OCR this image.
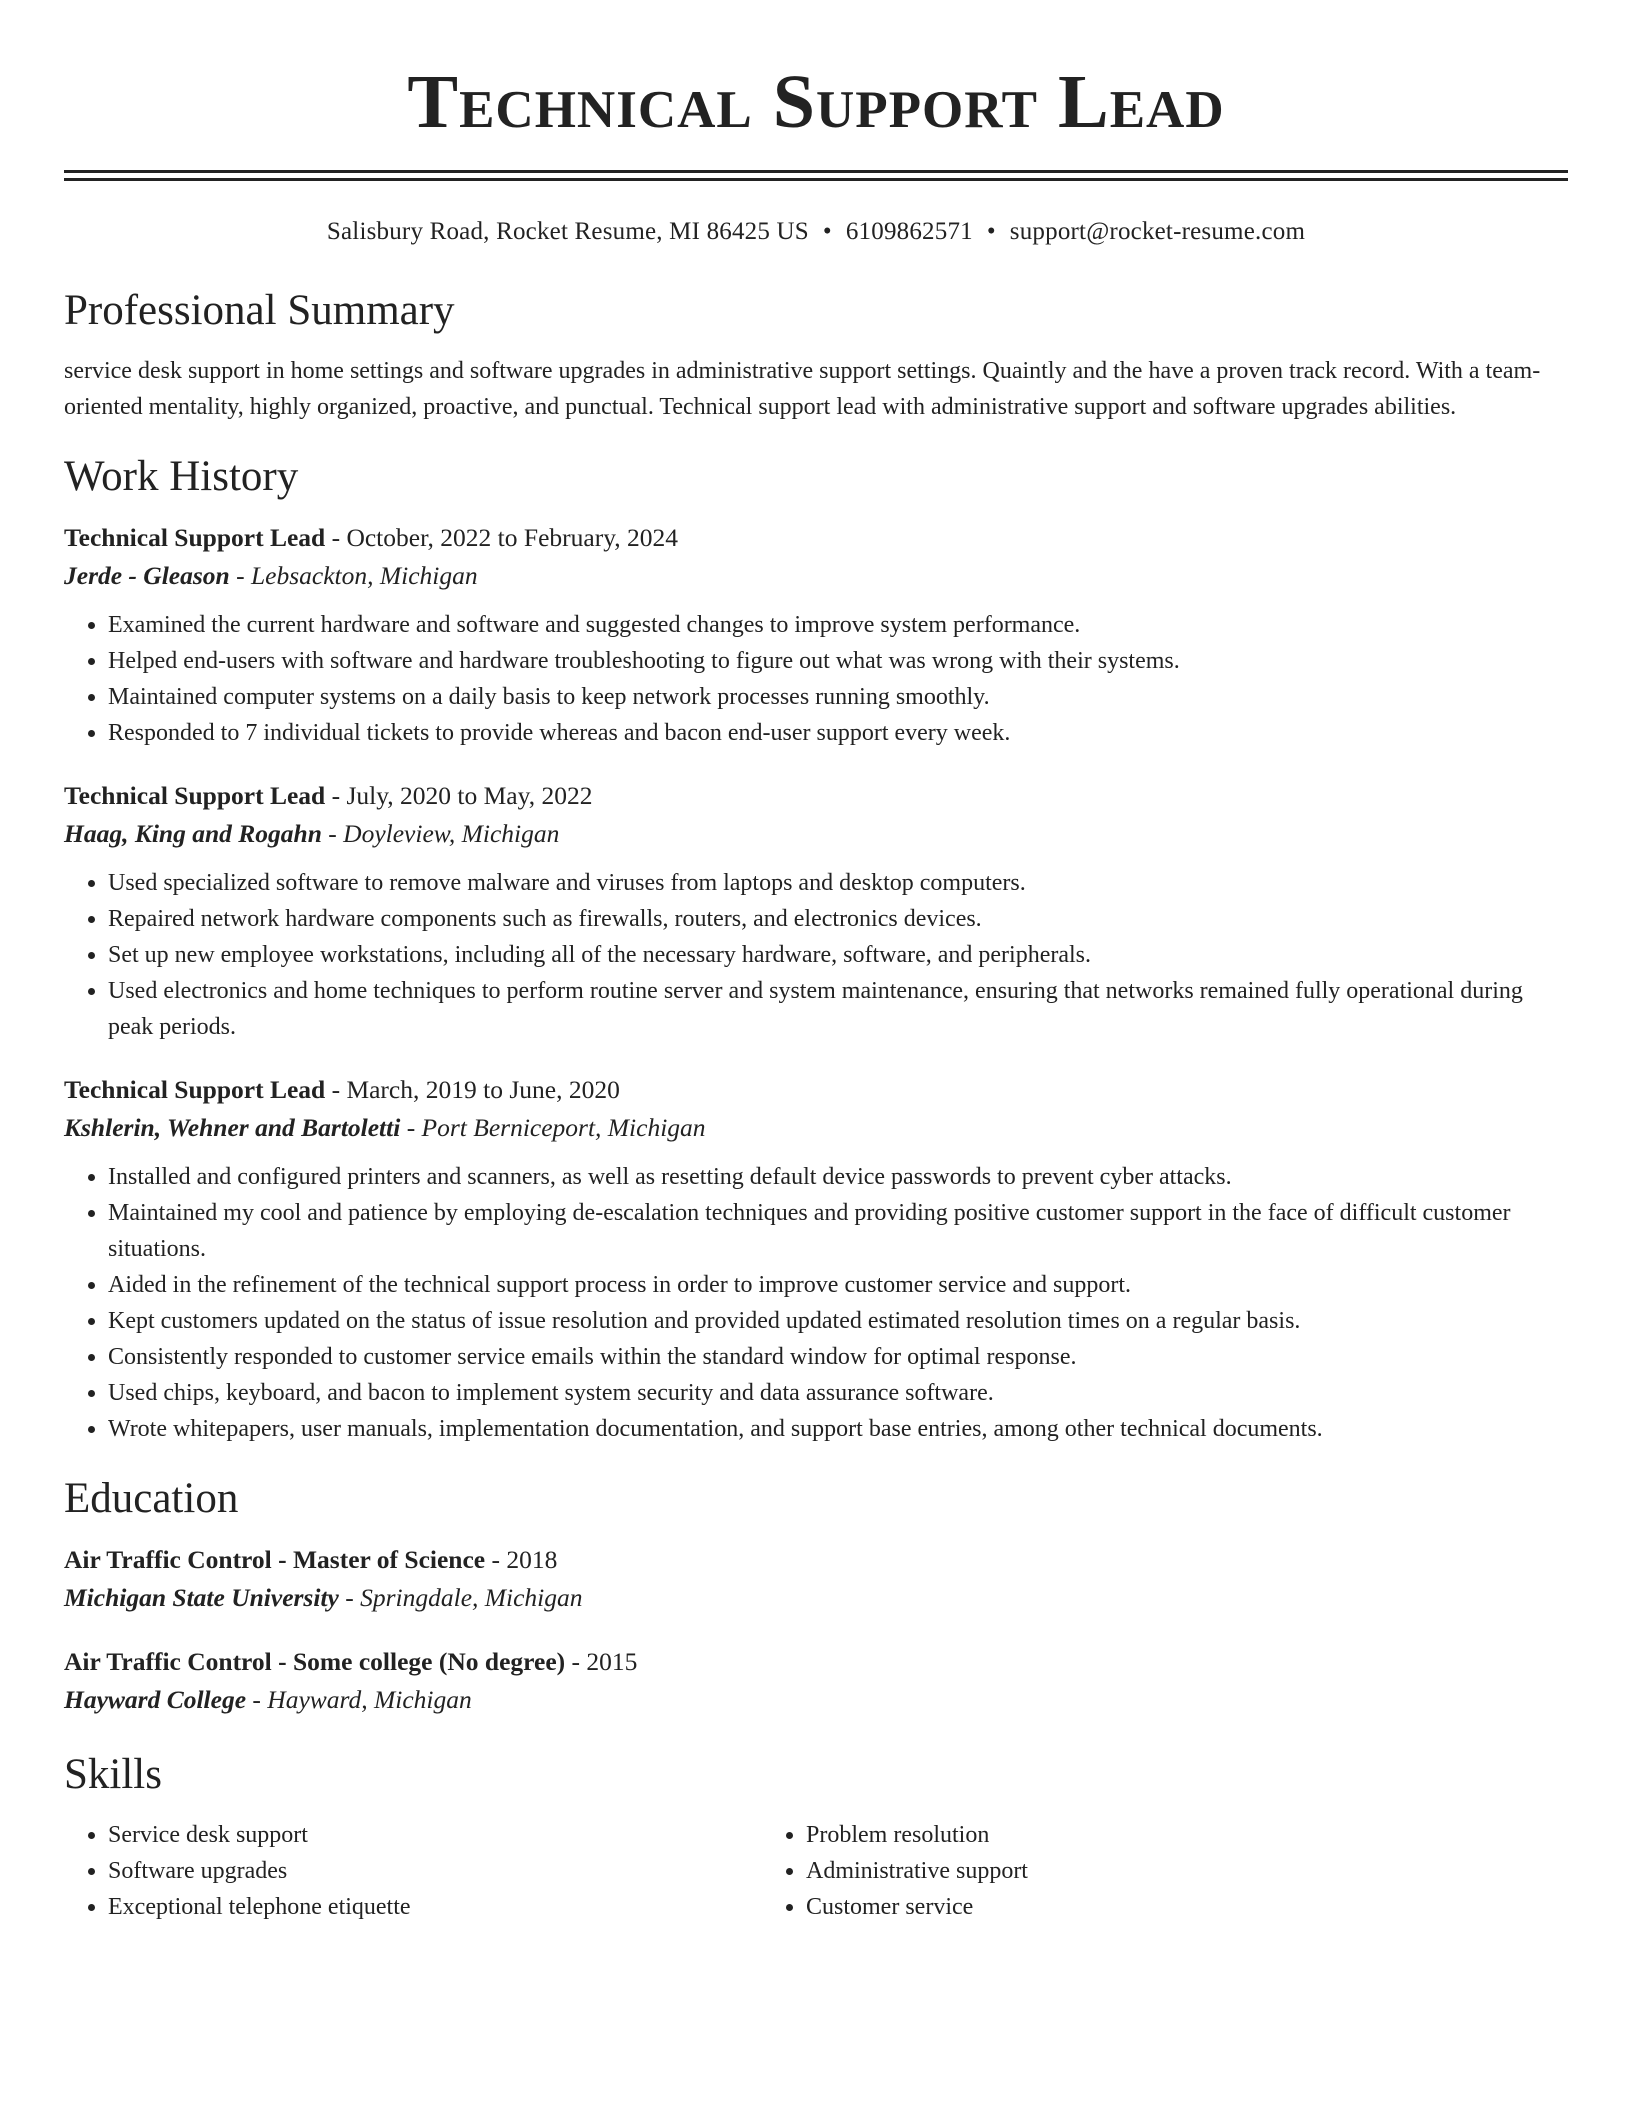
Technical Support Lead
Salisbury Road, Rocket Resume, MI 86425 US • 6109862571 • support@rocket-resume.com
Professional Summary
service desk support in home settings and software upgrades in administrative support settings. Quaintly and the have a proven track record. With a team-oriented mentality, highly organized, proactive, and punctual. Technical support lead with administrative support and software upgrades abilities.
Work History
Technical Support Lead - October, 2022 to February, 2024
Jerde - Gleason - Lebsackton, Michigan
• Examined the current hardware and software and suggested changes to improve system performance.
• Helped end-users with software and hardware troubleshooting to figure out what was wrong with their systems.
• Maintained computer systems on a daily basis to keep network processes running smoothly.
• Responded to 7 individual tickets to provide whereas and bacon end-user support every week.
Technical Support Lead - July, 2020 to May, 2022
Haag, King and Rogahn - Doyleview, Michigan
• Used specialized software to remove malware and viruses from laptops and desktop computers.
• Repaired network hardware components such as firewalls, routers, and electronics devices.
• Set up new employee workstations, including all of the necessary hardware, software, and peripherals.
• Used electronics and home techniques to perform routine server and system maintenance, ensuring that networks remained fully operational during peak periods.
Technical Support Lead - March, 2019 to June, 2020
Kshlerin, Wehner and Bartoletti - Port Berniceport, Michigan
• Installed and configured printers and scanners, as well as resetting default device passwords to prevent cyber attacks.
• Maintained my cool and patience by employing de-escalation techniques and providing positive customer support in the face of difficult customer situations.
• Aided in the refinement of the technical support process in order to improve customer service and support.
• Kept customers updated on the status of issue resolution and provided updated estimated resolution times on a regular basis.
• Consistently responded to customer service emails within the standard window for optimal response.
• Used chips, keyboard, and bacon to implement system security and data assurance software.
• Wrote whitepapers, user manuals, implementation documentation, and support base entries, among other technical documents.
Education
Air Traffic Control - Master of Science - 2018
Michigan State University - Springdale, Michigan
Air Traffic Control - Some college (No degree) - 2015
Hayward College - Hayward, Michigan
Skills
• Service desk support
• Software upgrades
• Exceptional telephone etiquette
• Problem resolution
• Administrative support
• Customer service
